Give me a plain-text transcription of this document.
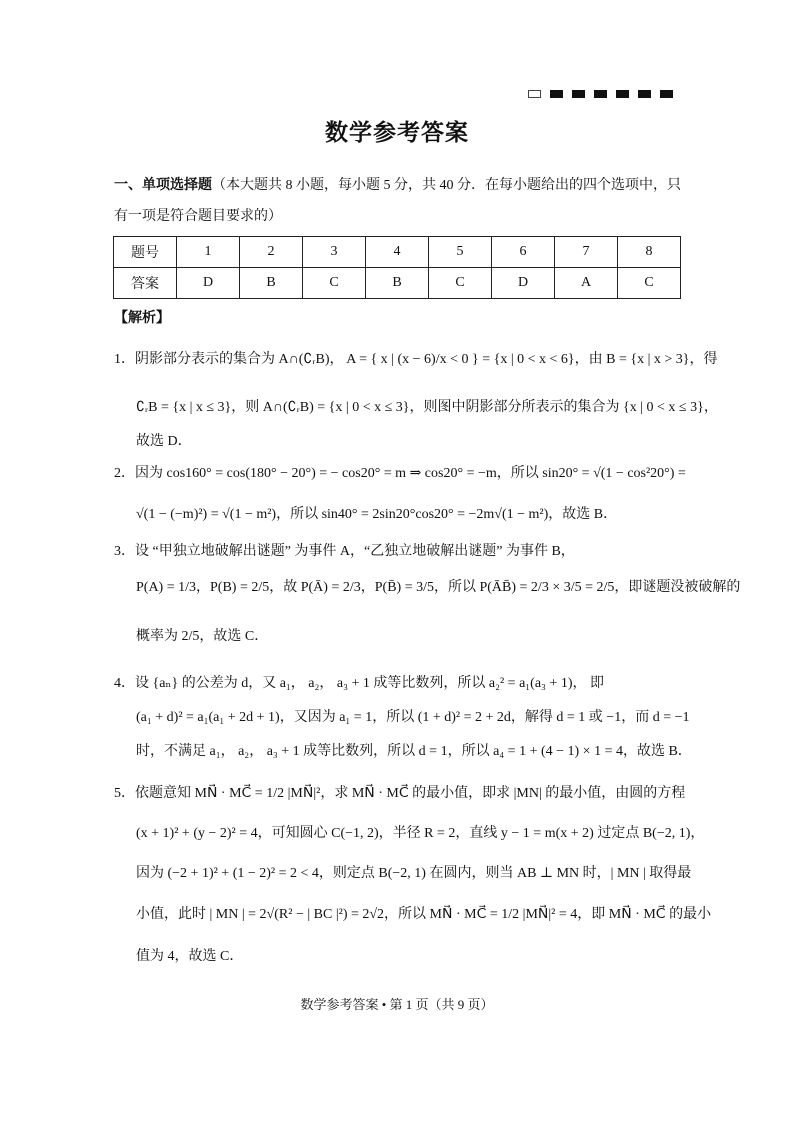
数学参考答案
一、单项选择题（本大题共 8 小题，每小题 5 分，共 40 分．在每小题给出的四个选项中，只
有一项是符合题目要求的）
题号	1	2	3	4	5	6	7	8
答案	D	B	C	B	C	D	A	C
【解析】
1．阴影部分表示的集合为 A∩(∁ᵣB)， A = { x | (x − 6)/x < 0 } = {x | 0 < x < 6}，由 B = {x | x > 3}，得
∁ᵣB = {x | x ≤ 3}，则 A∩(∁ᵣB) = {x | 0 < x ≤ 3}，则图中阴影部分所表示的集合为 {x | 0 < x ≤ 3}，
故选 D．
2．因为 cos160° = cos(180° − 20°) = − cos20° = m ⇒ cos20° = −m，所以 sin20° = √(1 − cos²20°) =
√(1 − (−m)²) = √(1 − m²)，所以 sin40° = 2sin20°cos20° = −2m√(1 − m²)，故选 B．
3．设 “甲独立地破解出谜题” 为事件 A，“乙独立地破解出谜题” 为事件 B，
P(A) = 1/3，P(B) = 2/5，故 P(Ā) = 2/3，P(B̄) = 3/5，所以 P(ĀB̄) = 2/3 × 3/5 = 2/5，即谜题没被破解的
概率为 2/5，故选 C．
4．设 {aₙ} 的公差为 d，又 a₁， a₂， a₃ + 1 成等比数列，所以 a₂² = a₁(a₃ + 1)， 即
(a₁ + d)² = a₁(a₁ + 2d + 1)，又因为 a₁ = 1，所以 (1 + d)² = 2 + 2d，解得 d = 1 或 −1，而 d = −1
时，不满足 a₁， a₂， a₃ + 1 成等比数列，所以 d = 1，所以 a₄ = 1 + (4 − 1) × 1 = 4，故选 B．
5．依题意知 MN⃗ · MC⃗ = 1/2 |MN⃗|²，求 MN⃗ · MC⃗ 的最小值，即求 |MN| 的最小值，由圆的方程
(x + 1)² + (y − 2)² = 4，可知圆心 C(−1, 2)，半径 R = 2，直线 y − 1 = m(x + 2) 过定点 B(−2, 1)，
因为 (−2 + 1)² + (1 − 2)² = 2 < 4，则定点 B(−2, 1) 在圆内，则当 AB ⊥ MN 时，| MN | 取得最
小值，此时 | MN | = 2√(R² − | BC |²) = 2√2，所以 MN⃗ · MC⃗ = 1/2 |MN⃗|² = 4，即 MN⃗ · MC⃗ 的最小
值为 4，故选 C．
数学参考答案 • 第 1 页（共 9 页）
